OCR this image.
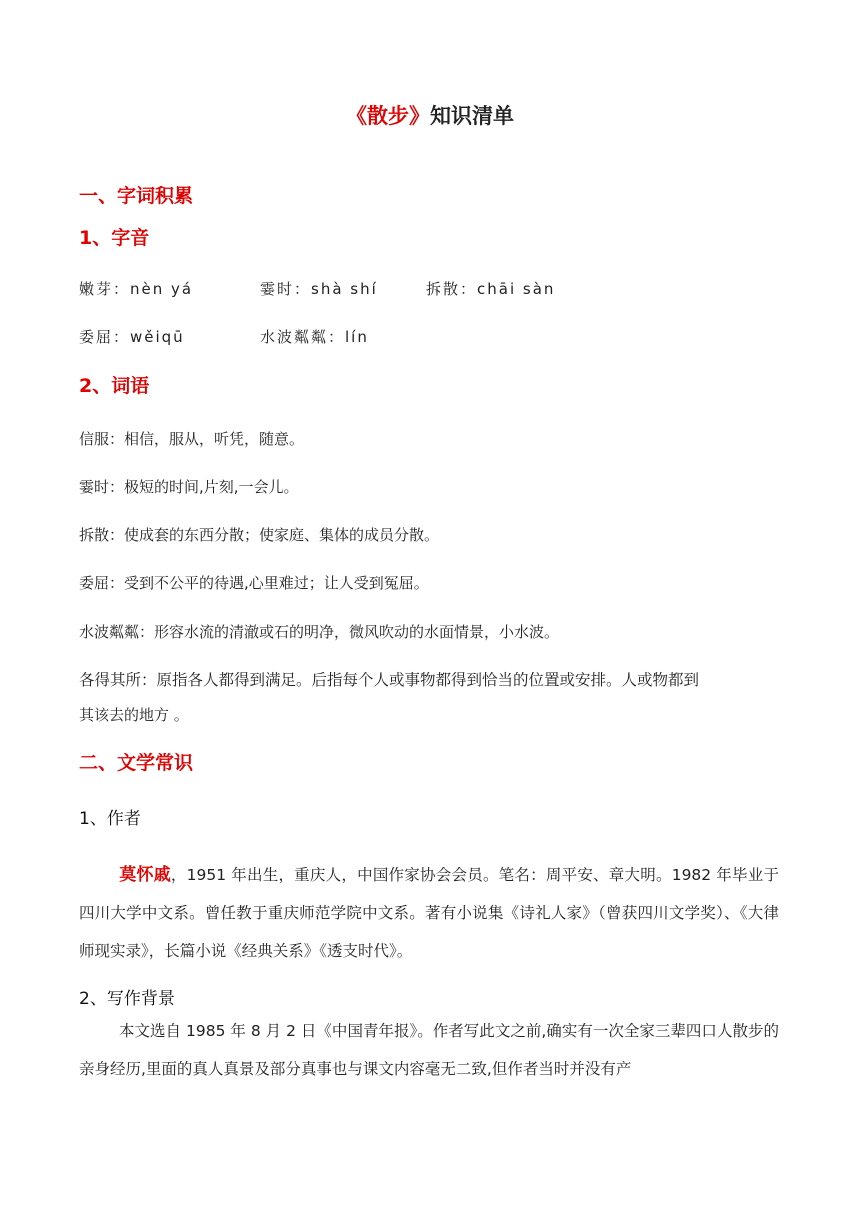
《散步》知识清单
一、字词积累
1、字音
嫩芽：nèn yá	霎时：shà shí	拆散：chāi sàn
委屈：wěiqū	水波粼粼：lín
2、词语
信服：相信，服从，听凭，随意。
霎时：极短的时间,片刻,一会儿。
拆散：使成套的东西分散；使家庭、集体的成员分散。
委屈：受到不公平的待遇,心里难过；让人受到冤屈。
水波粼粼：形容水流的清澈或石的明净，微风吹动的水面情景，小水波。
各得其所：原指各人都得到满足。后指每个人或事物都得到恰当的位置或安排。人或物都到
其该去的地方 。
二、文学常识
1、作者
莫怀戚，1951 年出生，重庆人，中国作家协会会员。笔名：周平安、章大明。1982 年毕业于四川大学中文系。曾任教于重庆师范学院中文系。著有小说集《诗礼人家》（曾获四川文学奖）、《大律师现实录》，长篇小说《经典关系》《透支时代》。
2、写作背景
本文选自 1985 年 8 月 2 日《中国青年报》。作者写此文之前,确实有一次全家三辈四口人散步的亲身经历,里面的真人真景及部分真事也与课文内容毫无二致,但作者当时并没有产
